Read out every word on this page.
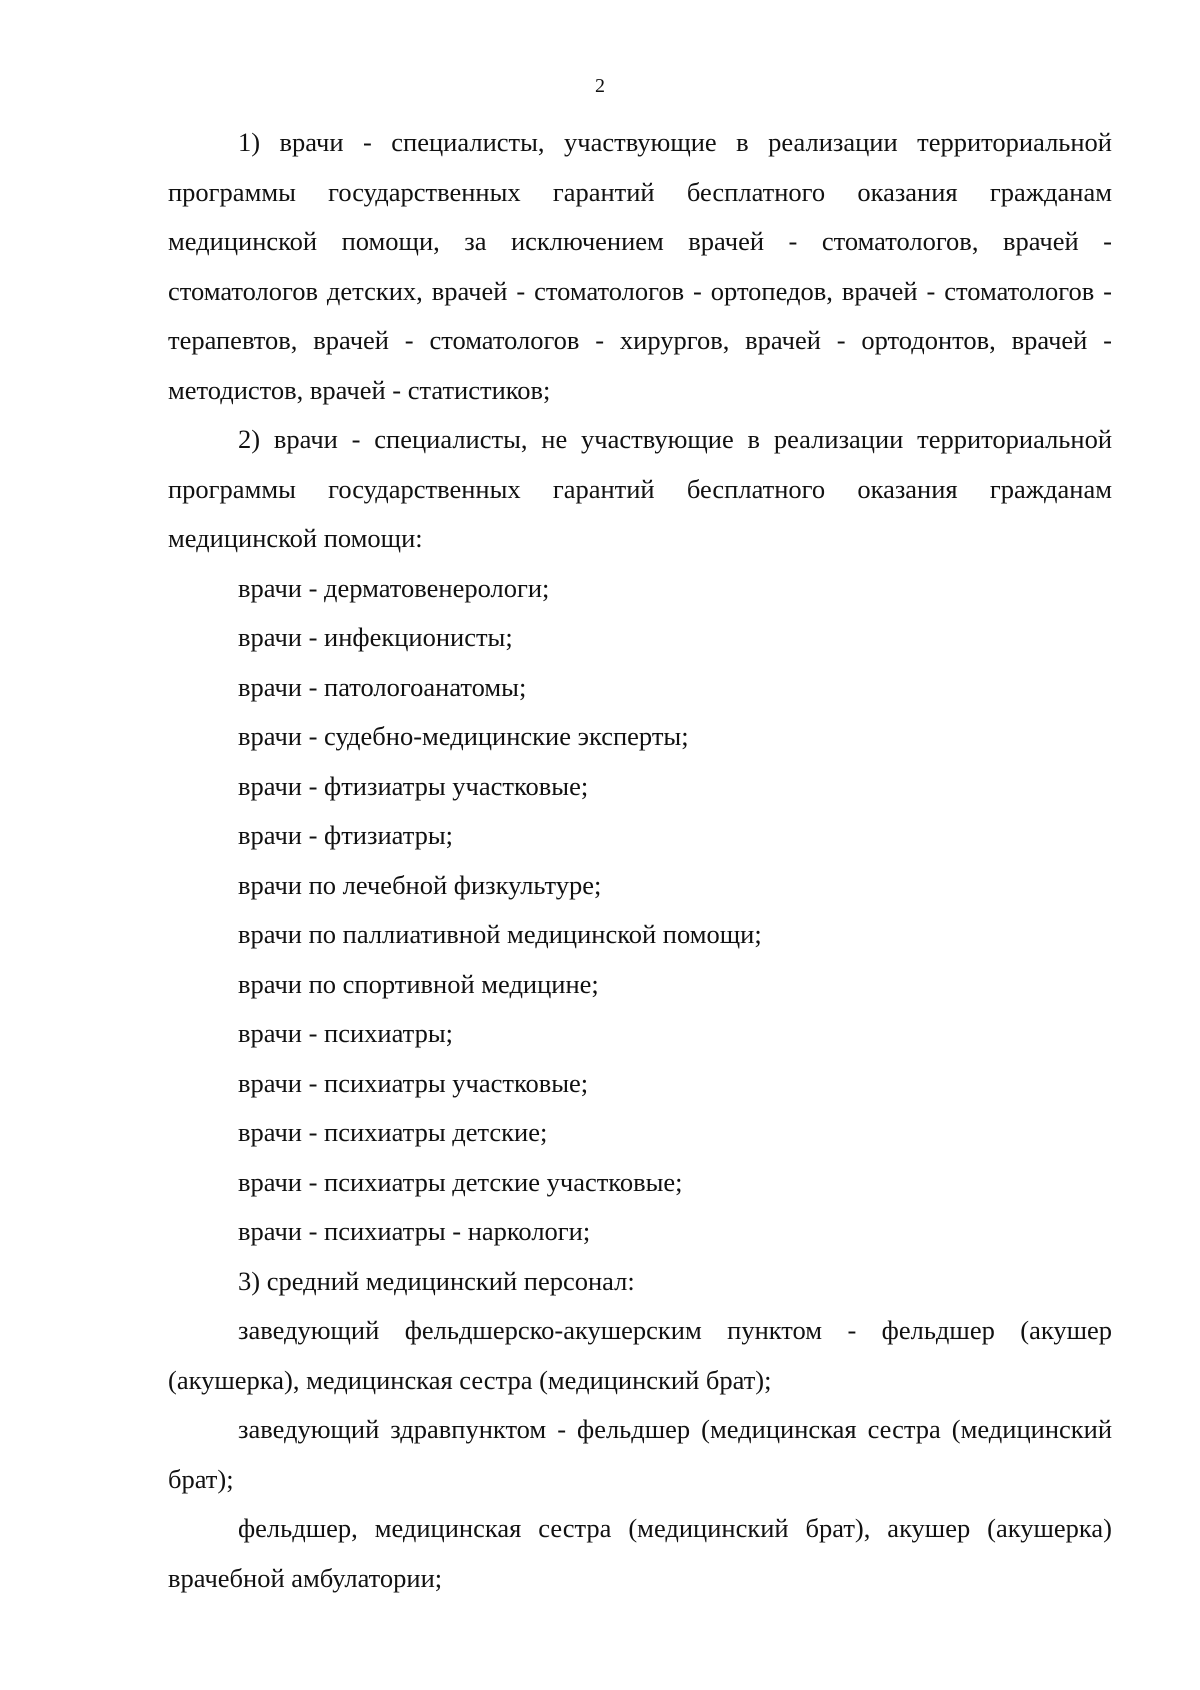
2

1) врачи - специалисты, участвующие в реализации территориальной программы государственных гарантий бесплатного оказания гражданам медицинской помощи, за исключением врачей - стоматологов, врачей - стоматологов детских, врачей - стоматологов - ортопедов, врачей - стоматологов - терапевтов, врачей - стоматологов - хирургов, врачей - ортодонтов, врачей - методистов, врачей - статистиков;

2) врачи - специалисты, не участвующие в реализации территориальной программы государственных гарантий бесплатного оказания гражданам медицинской помощи:

врачи - дерматовенерологи;

врачи - инфекционисты;

врачи - патологоанатомы;

врачи - судебно-медицинские эксперты;

врачи - фтизиатры участковые;

врачи - фтизиатры;

врачи по лечебной физкультуре;

врачи по паллиативной медицинской помощи;

врачи по спортивной медицине;

врачи - психиатры;

врачи - психиатры участковые;

врачи - психиатры детские;

врачи - психиатры детские участковые;

врачи - психиатры - наркологи;

3) средний медицинский персонал:

заведующий фельдшерско-акушерским пунктом - фельдшер (акушер (акушерка), медицинская сестра (медицинский брат);

заведующий здравпунктом - фельдшер (медицинская сестра (медицинский брат);

фельдшер, медицинская сестра (медицинский брат), акушер (акушерка) врачебной амбулатории;
